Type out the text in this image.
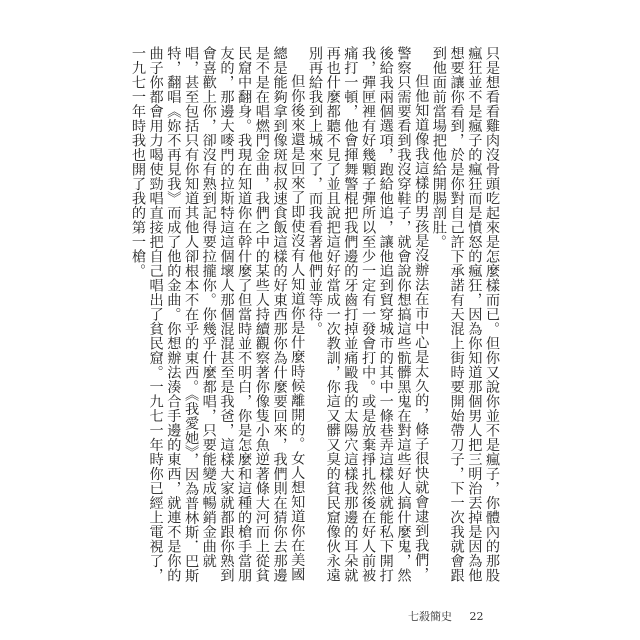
只是想看看雞肉沒骨頭吃起來是怎麼樣而已。但你又說你並不是瘋子，你體內的那股瘋狂並不是瘋子的瘋狂而是憤怒的瘋狂，因為你知道那個男人把三明治丟掉是因為他想要讓你看到，於是你對自己許下承諾有天混上街時要開始帶刀子，下一次我就會跟到他面前當場把他給開腸剖肚。

但他知道像我這樣的男孩是沒辦法在市中心是太久的，條子很快就會逮到我們，警察只需要看到我沒穿鞋子，就會說你想搞這些骯髒黑鬼在對這些好人搞什麼鬼，然後給我兩個選項，跑給他追，讓他追到貿穿城市的其中一條巷弄這樣他就能私下開打我，彈匣裡有好幾顆子彈所以至少一定有一發會打中。或是放棄掙扎然後在好人前被痛打一頓，他會揮舞警棍把我們邊的牙齒打掉並痛毆我的太陽穴這樣我那邊的耳朵就再也什麼都聽不見了並且說把這好好當成一次教訓，你這又髒又臭的貧民窟像伙永遠別再給我到上城來了，而我看著他們並等待。

但你後來還是回來了即使沒有人知道你是什麼時候離開的。女人想知道你在美國總是能夠拿到像斑叔叔速食飯這樣的好東西那你為什麼要回來，我們則在猜你去那邊是不是在唱燃門金曲，我們之中的某些人持續觀察著你像隻小魚逆著條大河而上從貧民窟中翻身。我現在知道你在幹什麼了但當時並不明白，你是怎麼和這種的槍手當朋友的，那邊大嘜門的拉斯特這這個壞人那個混混甚至是我爸，這樣大家就都跟你熟到會喜歡上你，卻沒有熟到記得要拉攏你。你幾乎什麼都唱，只要能變成暢銷金曲就唱，甚至包括只有你知道其他人卻根本不在乎的東西。《我愛她》，因為普林斯．巴斯特，翻唱《妳不再見我》而成了他的金曲。你想辦法湊合手邊的東西，就連不是你的曲子你都會用力喝使勁唱直接把自己唱出了貧民窟。一九七一年時你已經上電視了，一九七一年時我也開了我的第一槍。

七殺簡史 22
